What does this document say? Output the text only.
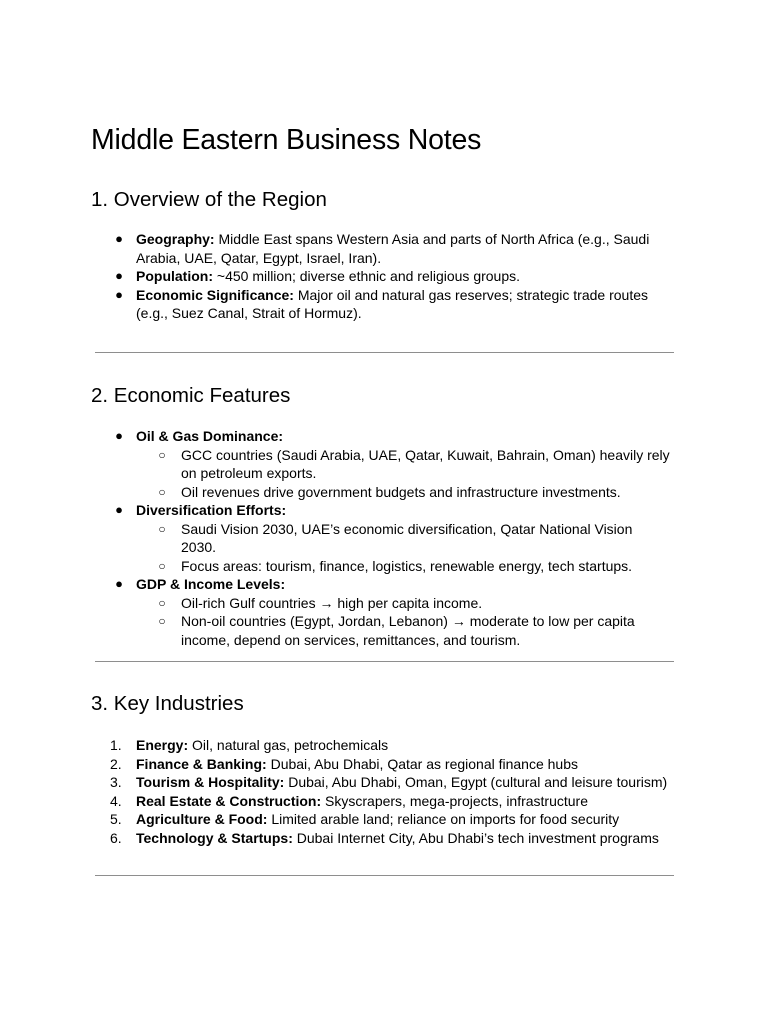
Middle Eastern Business Notes
1. Overview of the Region
● Geography: Middle East spans Western Asia and parts of North Africa (e.g., Saudi Arabia, UAE, Qatar, Egypt, Israel, Iran).
● Population: ~450 million; diverse ethnic and religious groups.
● Economic Significance: Major oil and natural gas reserves; strategic trade routes (e.g., Suez Canal, Strait of Hormuz).
2. Economic Features
● Oil & Gas Dominance:
○ GCC countries (Saudi Arabia, UAE, Qatar, Kuwait, Bahrain, Oman) heavily rely on petroleum exports.
○ Oil revenues drive government budgets and infrastructure investments.
● Diversification Efforts:
○ Saudi Vision 2030, UAE’s economic diversification, Qatar National Vision 2030.
○ Focus areas: tourism, finance, logistics, renewable energy, tech startups.
● GDP & Income Levels:
○ Oil-rich Gulf countries → high per capita income.
○ Non-oil countries (Egypt, Jordan, Lebanon) → moderate to low per capita income, depend on services, remittances, and tourism.
3. Key Industries
1.	Energy: Oil, natural gas, petrochemicals
2.	Finance & Banking: Dubai, Abu Dhabi, Qatar as regional finance hubs
3.	Tourism & Hospitality: Dubai, Abu Dhabi, Oman, Egypt (cultural and leisure tourism)
4.	Real Estate & Construction: Skyscrapers, mega-projects, infrastructure
5.	Agriculture & Food: Limited arable land; reliance on imports for food security
6.	Technology & Startups: Dubai Internet City, Abu Dhabi’s tech investment programs
